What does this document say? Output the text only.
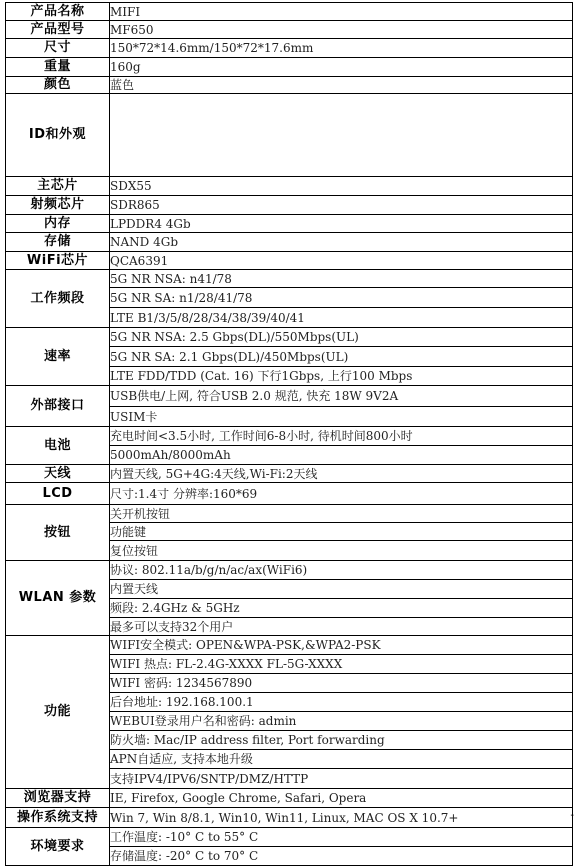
产品名称	MIFI
产品型号	MF650
尺寸	150*72*14.6mm/150*72*17.6mm
重量	160g
颜色	蓝色
ID和外观	
主芯片	SDX55
射频芯片	SDR865
内存	LPDDR4 4Gb
存储	NAND 4Gb
WiFi芯片	QCA6391
工作频段	5G NR NSA: n41/78
	5G NR SA: n1/28/41/78
	LTE B1/3/5/8/28/34/38/39/40/41
速率	5G NR NSA: 2.5 Gbps(DL)/550Mbps(UL)
	5G NR SA: 2.1 Gbps(DL)/450Mbps(UL)
	LTE FDD/TDD (Cat. 16) 下行1Gbps, 上行100 Mbps
外部接口	USB供电/上网, 符合USB 2.0 规范, 快充 18W 9V2A
	USIM卡
电池	充电时间<3.5小时, 工作时间6-8小时, 待机时间800小时
	5000mAh/8000mAh
天线	内置天线, 5G+4G:4天线,Wi-Fi:2天线
LCD	尺寸:1.4寸 分辨率:160*69
按钮	关开机按钮
	功能键
	复位按钮
WLAN 参数	协议: 802.11a/b/g/n/ac/ax(WiFi6)
	内置天线
	频段: 2.4GHz & 5GHz
	最多可以支持32个用户
功能	WIFI安全模式: OPEN&WPA-PSK,&WPA2-PSK
	WIFI 热点: FL-2.4G-XXXX FL-5G-XXXX
	WIFI 密码: 1234567890
	后台地址: 192.168.100.1
	WEBUI登录用户名和密码: admin
	防火墙: Mac/IP address filter, Port forwarding
	APN自适应, 支持本地升级
	支持IPV4/IPV6/SNTP/DMZ/HTTP
浏览器支持	IE, Firefox, Google Chrome, Safari, Opera
操作系统支持	Win 7, Win 8/8.1, Win10, Win11, Linux, MAC OS X 10.7+
环境要求	工作温度: -10° C to 55° C
	存储温度: -20° C to 70° C
-
